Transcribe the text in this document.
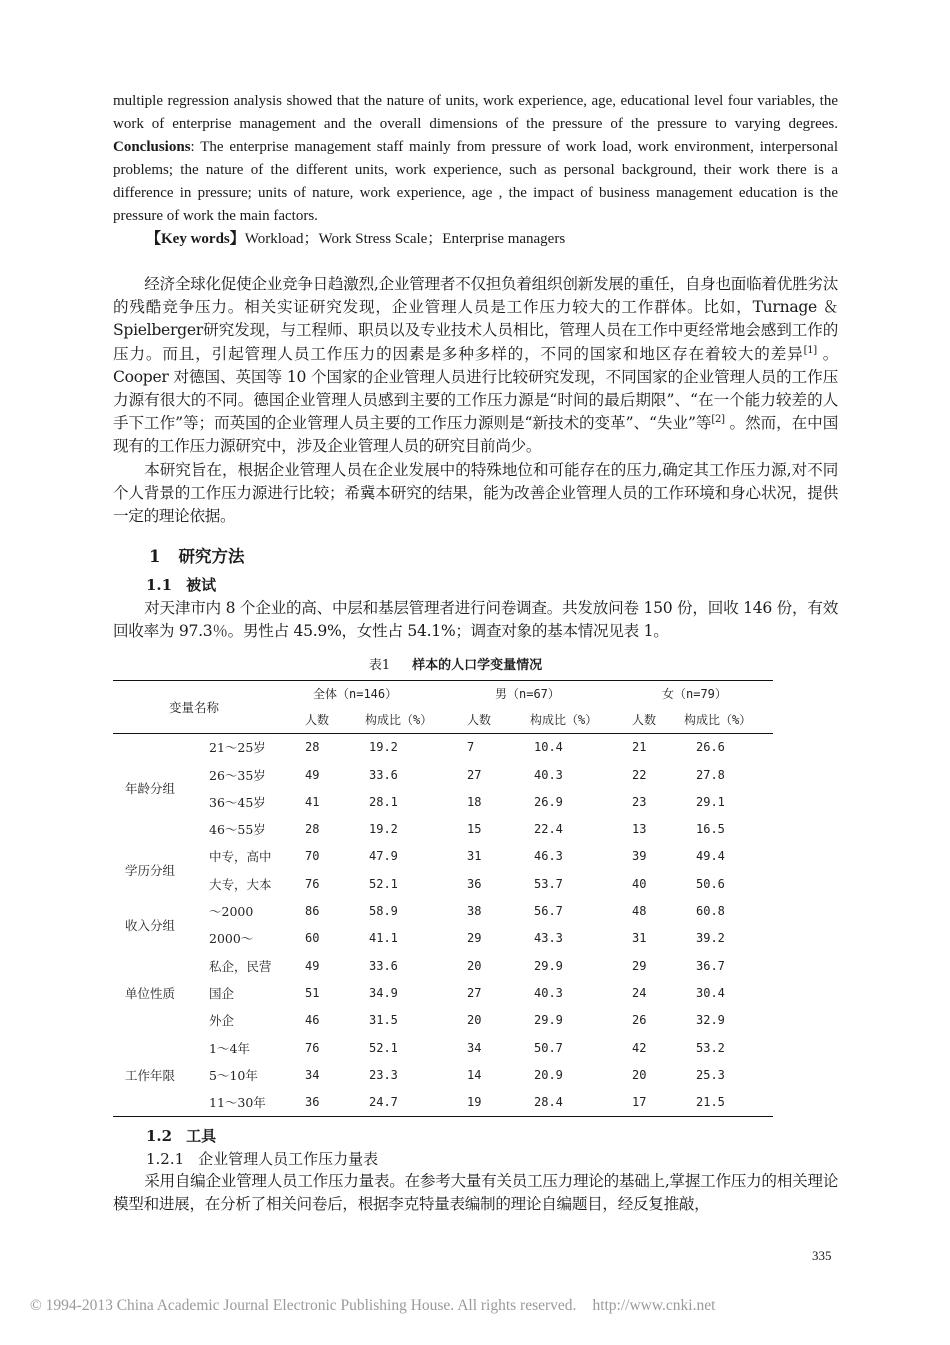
multiple regression analysis showed that the nature of units, work experience, age, educational level four variables, the work of enterprise management and the overall dimensions of the pressure of the pressure to varying degrees. Conclusions: The enterprise management staff mainly from pressure of work load, work environment, interpersonal problems; the nature of the different units, work experience, such as personal background, their work there is a difference in pressure; units of nature, work experience, age , the impact of business management education is the pressure of work the main factors.

【Key words】Workload；Work Stress Scale；Enterprise managers

经济全球化促使企业竞争日趋激烈,企业管理者不仅担负着组织创新发展的重任，自身也面临着优胜劣汰的残酷竞争压力。相关实证研究发现，企业管理人员是工作压力较大的工作群体。比如，Turnage ＆Spielberger研究发现，与工程师、职员以及专业技术人员相比，管理人员在工作中更经常地会感到工作的压力。而且，引起管理人员工作压力的因素是多种多样的，不同的国家和地区存在着较大的差异[1] 。Cooper 对德国、英国等 10 个国家的企业管理人员进行比较研究发现，不同国家的企业管理人员的工作压力源有很大的不同。德国企业管理人员感到主要的工作压力源是“时间的最后期限”、“在一个能力较差的人手下工作”等；而英国的企业管理人员主要的工作压力源则是“新技术的变革”、“失业”等[2] 。然而，在中国现有的工作压力源研究中，涉及企业管理人员的研究目前尚少。

本研究旨在，根据企业管理人员在企业发展中的特殊地位和可能存在的压力,确定其工作压力源,对不同个人背景的工作压力源进行比较；希冀本研究的结果，能为改善企业管理人员的工作环境和身心状况，提供一定的理论依据。

1 研究方法
1.1 被试

对天津市内 8 个企业的高、中层和基层管理者进行问卷调查。共发放问卷 150 份，回收 146 份，有效回收率为 97.3％。男性占 45.9%，女性占 54.1%；调查对象的基本情况见表 1。

表1 样本的人口学变量情况
变量名称		全体（n=146）		男（n=67）		女（n=79）	
		人数	构成比（%）	人数	构成比（%）	人数	构成比（%）
年龄分组	21～25岁	28	19.2	7	10.4	21	26.6
	26～35岁	49	33.6	27	40.3	22	27.8
	36～45岁	41	28.1	18	26.9	23	29.1
	46～55岁	28	19.2	15	22.4	13	16.5
学历分组	中专，高中	70	47.9	31	46.3	39	49.4
	大专，大本	76	52.1	36	53.7	40	50.6
收入分组	～2000	86	58.9	38	56.7	48	60.8
	2000～	60	41.1	29	43.3	31	39.2
单位性质	私企，民营	49	33.6	20	29.9	29	36.7
	国企	51	34.9	27	40.3	24	30.4
	外企	46	31.5	20	29.9	26	32.9
工作年限	1～4年	76	52.1	34	50.7	42	53.2
	5～10年	34	23.3	14	20.9	20	25.3
	11～30年	36	24.7	19	28.4	17	21.5
1.2 工具
1.2.1 企业管理人员工作压力量表

采用自编企业管理人员工作压力量表。在参考大量有关员工压力理论的基础上,掌握工作压力的相关理论模型和进展，在分析了相关问卷后，根据李克特量表编制的理论自编题目，经反复推敲，

335
© 1994-2013 China Academic Journal Electronic Publishing House. All rights reserved. http://www.cnki.net
